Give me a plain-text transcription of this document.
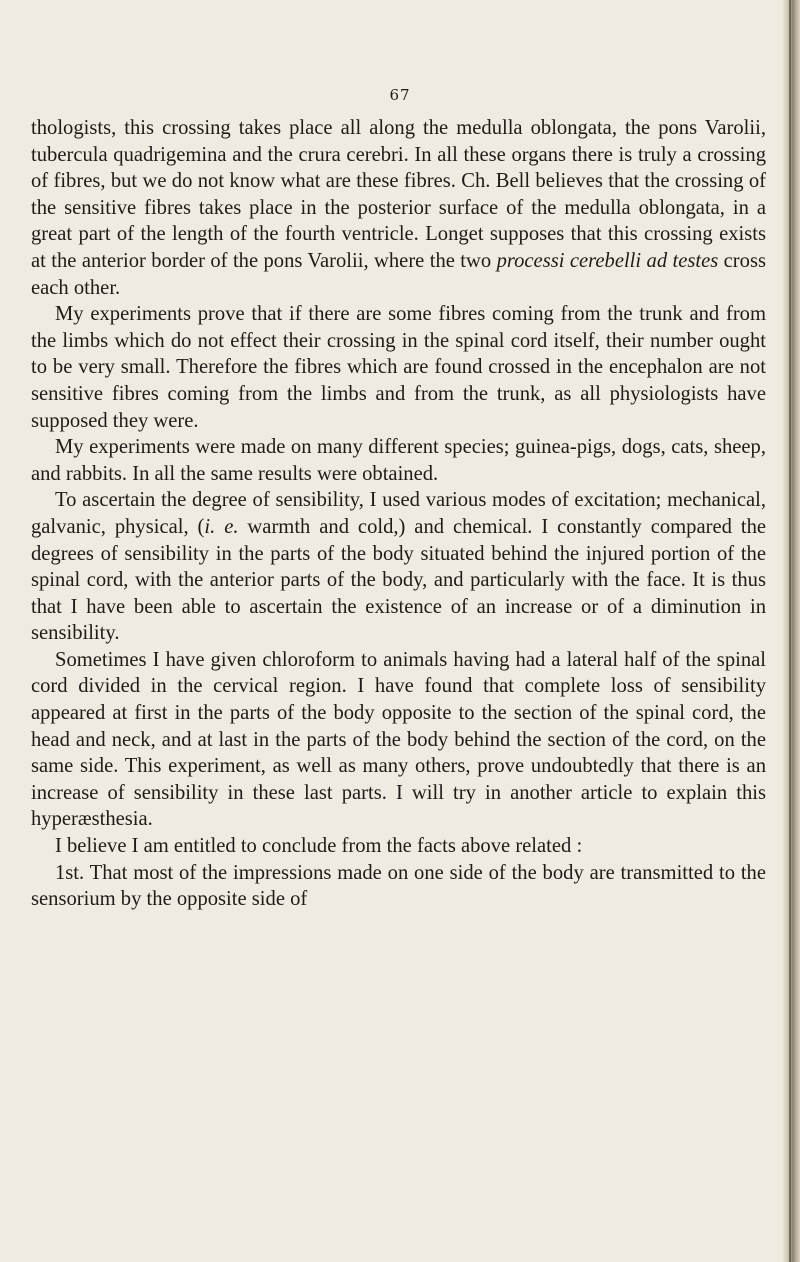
67

thologists, this crossing takes place all along the medulla oblongata, the pons Varolii, tubercula quadrigemina and the crura cerebri. In all these organs there is truly a crossing of fibres, but we do not know what are these fibres. Ch. Bell believes that the crossing of the sensitive fibres takes place in the posterior surface of the medulla oblongata, in a great part of the length of the fourth ventricle. Longet supposes that this crossing exists at the anterior border of the pons Varolii, where the two processi cerebelli ad testes cross each other.

My experiments prove that if there are some fibres coming from the trunk and from the limbs which do not effect their crossing in the spinal cord itself, their number ought to be very small. Therefore the fibres which are found crossed in the encephalon are not sensitive fibres coming from the limbs and from the trunk, as all physiologists have supposed they were.

My experiments were made on many different species; guinea-pigs, dogs, cats, sheep, and rabbits. In all the same results were obtained.

To ascertain the degree of sensibility, I used various modes of excitation; mechanical, galvanic, physical, (i. e. warmth and cold,) and chemical. I constantly compared the degrees of sensibility in the parts of the body situated behind the injured portion of the spinal cord, with the anterior parts of the body, and particularly with the face. It is thus that I have been able to ascertain the existence of an increase or of a diminution in sensibility.

Sometimes I have given chloroform to animals having had a lateral half of the spinal cord divided in the cervical region. I have found that complete loss of sensibility appeared at first in the parts of the body opposite to the section of the spinal cord, the head and neck, and at last in the parts of the body behind the section of the cord, on the same side. This experiment, as well as many others, prove undoubtedly that there is an increase of sensibility in these last parts. I will try in another article to explain this hyperæsthesia.

I believe I am entitled to conclude from the facts above related :

1st. That most of the impressions made on one side of the body are transmitted to the sensorium by the opposite side of
